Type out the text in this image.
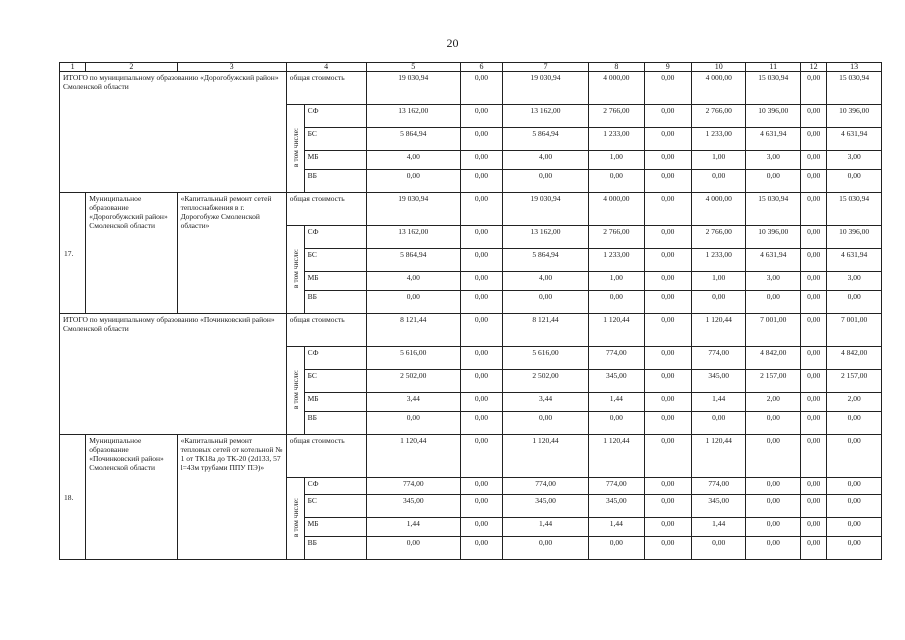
20
1	2	3	4		5	6	7	8	9	10	11	12	13
ИТОГО по муниципальному образованию «Дорогобужский район» Смоленской области			общая стоимость		19 030,94	0,00	19 030,94	4 000,00	0,00	4 000,00	15 030,94	0,00	15 030,94
			в том числе:	СФ	13 162,00	0,00	13 162,00	2 766,00	0,00	2 766,00	10 396,00	0,00	10 396,00
				БС	5 864,94	0,00	5 864,94	1 233,00	0,00	1 233,00	4 631,94	0,00	4 631,94
				МБ	4,00	0,00	4,00	1,00	0,00	1,00	3,00	0,00	3,00
				ВБ	0,00	0,00	0,00	0,00	0,00	0,00	0,00	0,00	0,00
17.	Муниципальное образование «Дорогобужский район» Смоленской области	«Капитальный ремонт сетей теплоснабжения в г. Дорогобуже Смоленской области»	общая стоимость		19 030,94	0,00	19 030,94	4 000,00	0,00	4 000,00	15 030,94	0,00	15 030,94
			в том числе:	СФ	13 162,00	0,00	13 162,00	2 766,00	0,00	2 766,00	10 396,00	0,00	10 396,00
				БС	5 864,94	0,00	5 864,94	1 233,00	0,00	1 233,00	4 631,94	0,00	4 631,94
				МБ	4,00	0,00	4,00	1,00	0,00	1,00	3,00	0,00	3,00
				ВБ	0,00	0,00	0,00	0,00	0,00	0,00	0,00	0,00	0,00
ИТОГО по муниципальному образованию «Починковский район» Смоленской области			общая стоимость		8 121,44	0,00	8 121,44	1 120,44	0,00	1 120,44	7 001,00	0,00	7 001,00
			в том числе:	СФ	5 616,00	0,00	5 616,00	774,00	0,00	774,00	4 842,00	0,00	4 842,00
				БС	2 502,00	0,00	2 502,00	345,00	0,00	345,00	2 157,00	0,00	2 157,00
				МБ	3,44	0,00	3,44	1,44	0,00	1,44	2,00	0,00	2,00
				ВБ	0,00	0,00	0,00	0,00	0,00	0,00	0,00	0,00	0,00
18.	Муниципальное образование «Починковский район» Смоленской области	«Капитальный ремонт тепловых сетей от котельной № 1 от ТК18а до ТК-20 (2d133, 57 l=43м трубами ППУ ПЭ)»	общая стоимость		1 120,44	0,00	1 120,44	1 120,44	0,00	1 120,44	0,00	0,00	0,00
			в том числе:	СФ	774,00	0,00	774,00	774,00	0,00	774,00	0,00	0,00	0,00
				БС	345,00	0,00	345,00	345,00	0,00	345,00	0,00	0,00	0,00
				МБ	1,44	0,00	1,44	1,44	0,00	1,44	0,00	0,00	0,00
				ВБ	0,00	0,00	0,00	0,00	0,00	0,00	0,00	0,00	0,00
